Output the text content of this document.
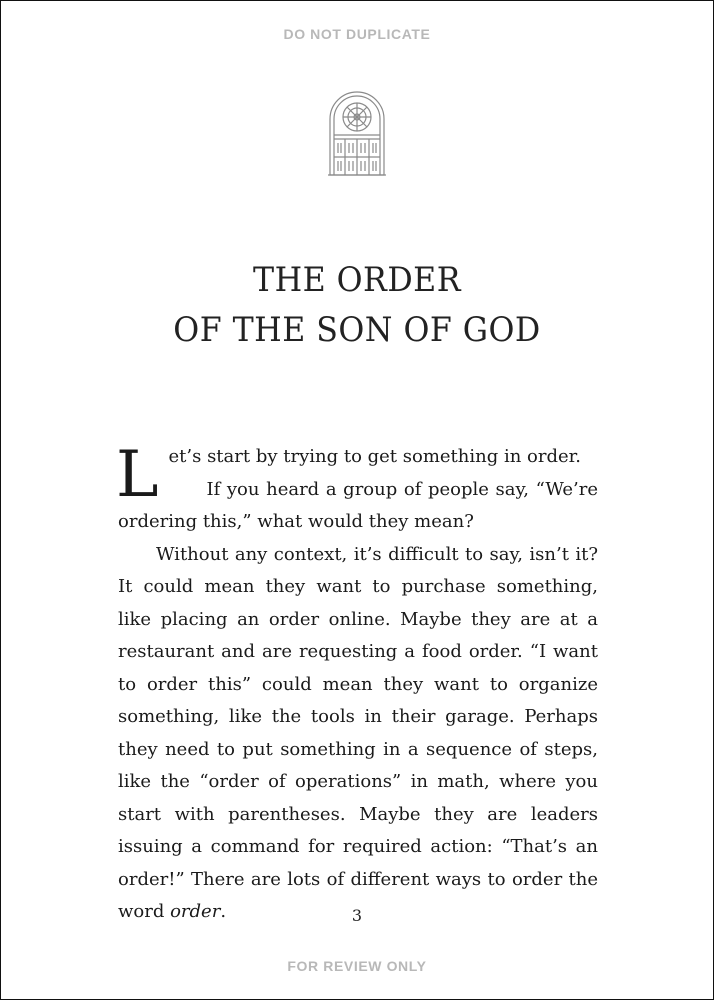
DO NOT DUPLICATE
THE ORDER
OF THE SON OF GOD

Let’s start by trying to get something in order.

If you heard a group of people say, “We’re ordering this,” what would they mean?

Without any context, it’s difficult to say, isn’t it? It could mean they want to purchase something, like placing an order online. Maybe they are at a restaurant and are requesting a food order. “I want to order this” could mean they want to organize something, like the tools in their garage. Perhaps they need to put something in a sequence of steps, like the “order of operations” in math, where you start with parentheses. Maybe they are leaders issuing a command for required action: “That’s an order!” There are lots of different ways to order the word order.	3
FOR REVIEW ONLY
